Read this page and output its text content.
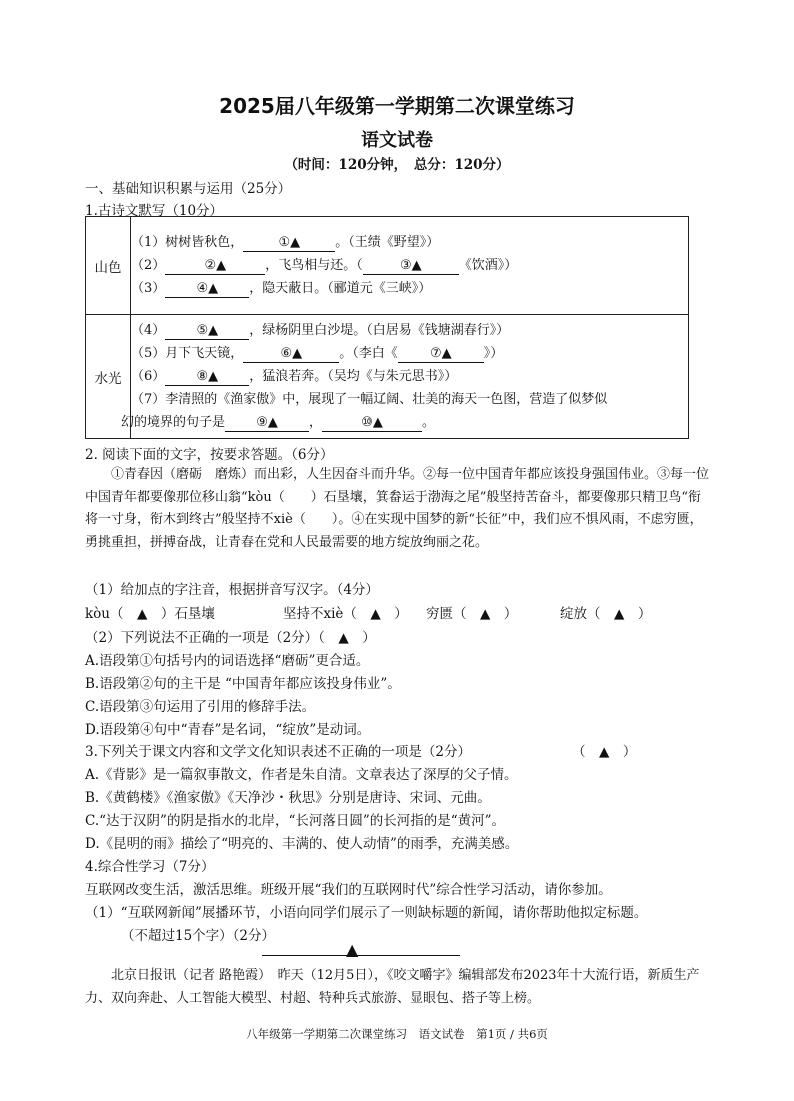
2025届八年级第一学期第二次课堂练习
语文试卷
（时间：120分钟，　总分：120分）
一、基础知识积累与运用（25分）
1.古诗文默写（10分）
山色	（1）树树皆秋色， ①▲ 。（王绩《野望》）
（2） ②▲ ，飞鸟相与还。（ ③▲ 《饮酒》）
（3） ④▲ ，隐天蔽日。（郦道元《三峡》）

水光	（4） ⑤▲ ，绿杨阴里白沙堤。（白居易《钱塘湖春行》）
（5）月下飞天镜， ⑥▲ 。（李白《 ⑦▲ 》）
（6） ⑧▲ ，猛浪若奔。（吴均《与朱元思书》）
（7）李清照的《渔家傲》中，展现了一幅辽阔、壮美的海天一色图，营造了似梦似
幻的境界的句子是 ⑨▲ ， ⑩▲ 。
2. 阅读下面的文字，按要求答题。（6分）
①青春因（磨砺　磨炼）而出彩，人生因奋斗而升华。②每一位中国青年都应该投身强国伟业。③每一位中国青年都要像那位移山翁“kòu（　　）石垦壤，箕畚运于渤海之尾”般坚持苦奋斗，都要像那只精卫鸟“衔将一寸身，衔木到终古”般坚持不xiè（　　）。④在实现中国梦的新“长征”中，我们应不惧风雨，不虑穷匮，勇挑重担，拼搏奋战，让青春在党和人民最需要的地方绽放绚丽之花。
（1）给加点的字注音，根据拼音写汉字。（4分）
kòu（　▲　）石垦壤	坚持不xiè（　▲　） 穷匮（　▲　）	绽放（　▲　）
（2）下列说法不正确的一项是（2分）（　▲　）
A.语段第①句括号内的词语选择“磨砺”更合适。
B.语段第②句的主干是 “中国青年都应该投身伟业”。
C.语段第③句运用了引用的修辞手法。
D.语段第④句中“青春”是名词，“绽放”是动词。
3.下列关于课文内容和文学文化知识表述不正确的一项是（2分）	（　▲　）
A.《背影》是一篇叙事散文，作者是朱自清。文章表达了深厚的父子情。
B.《黄鹤楼》《渔家傲》《天净沙・秋思》分别是唐诗、宋词、元曲。
C.“达于汉阴”的阴是指水的北岸，“长河落日圆”的长河指的是“黄河”。
D.《昆明的雨》描绘了“明亮的、丰满的、使人动情”的雨季，充满美感。
4.综合性学习（7分）
互联网改变生活，激活思维。班级开展“我们的互联网时代”综合性学习活动，请你参加。
（1）“互联网新闻”展播环节，小语向同学们展示了一则缺标题的新闻，请你帮助他拟定标题。
（不超过15个字）（2分）
▲
北京日报讯（记者 路艳霞）　昨天（12月5日），《咬文嚼字》编辑部发布2023年十大流行语，新质生产力、双向奔赴、人工智能大模型、村超、特种兵式旅游、显眼包、搭子等上榜。
八年级第一学期第二次课堂练习　语文试卷　第1页 / 共6页
